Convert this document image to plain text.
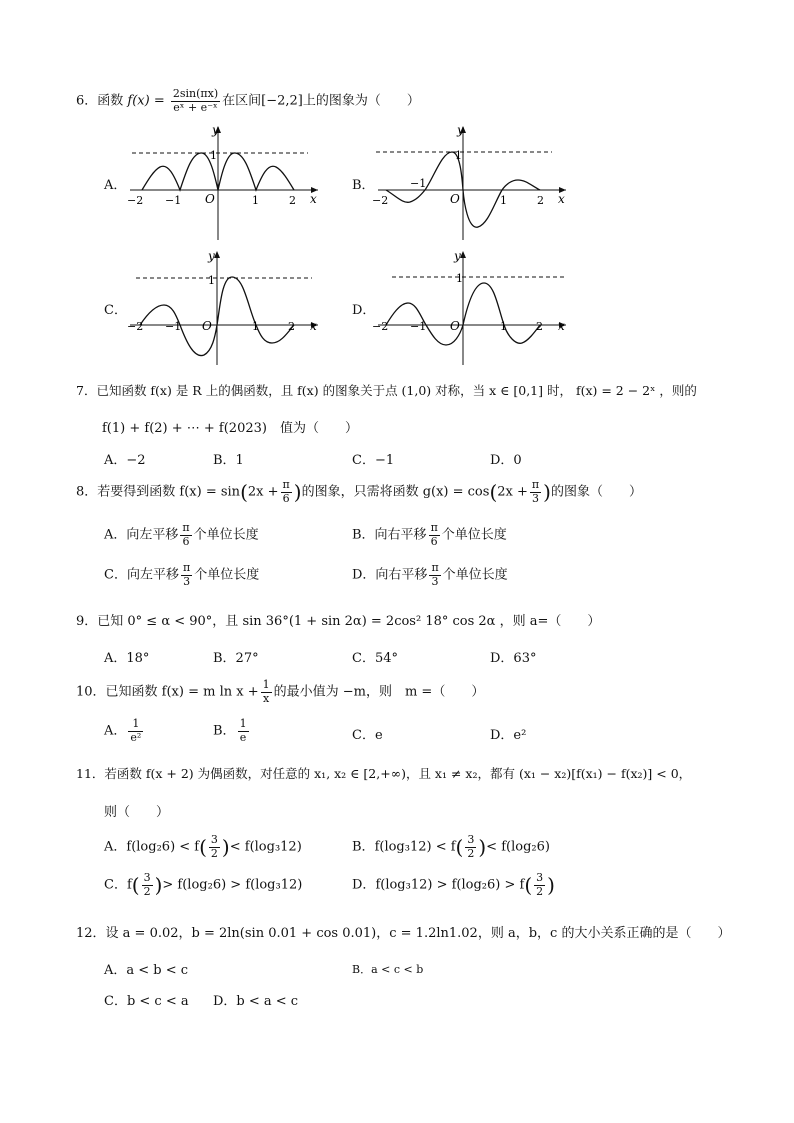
6．函数 $f(x) = \frac{2\sin(\pi x)}{\text{eˣ + e⁻ˣ}}$ 在区间[−2,2]上的图象为（　　）
A．	B．
C．	D．
y
x
O
1
−2 −1	1	2
y
x
O
1
−2
−1
1	2
y
x
O
1
−2 −1	1	2
y
x
O
1
−2 −1	1	2
7．已知函数 f(x) 是 R 上的偶函数，且 f(x) 的图象关于点 (1,0) 对称，当 x ∈ [0,1] 时， f(x) = 2 − 2ˣ ，则的
f(1) + f(2) + ⋯ + f(2023)　值为（　　）
A．−2	B．1	C．−1	D．0
8．若要得到函数 $f(x) = \sin(2x + \frac{\pi}{6}$ )的图象，只需将函数 $g(x) = \cos(2x + \frac{\pi}{3}$ )的图象（　　）
A．向左平移 $\frac{\pi}{6}$ 个单位长度	B．向右平移 $\frac{\pi}{6}$ 个单位长度
C．向左平移 $\frac{\pi}{3}$ 个单位长度	D．向右平移 $\frac{\pi}{3}$ 个单位长度
9．已知 0° ≤ α < 90°，且 sin 36°(1 + sin 2α) = 2cos² 18° cos 2α ，则 a=（　　）
A．18°	B．27°	C．54°	D．63°
10．已知函数 f(x) = m $\ln x + \frac{1}{x}$ 的最小值为 −m，则　m =（　　）
A． $\frac{1}{\text{e²}}$	B． $\frac{1}{e}$	C．e	D．e²
11．若函数 f(x + 2) 为偶函数，对任意的 x₁, x₂ ∈ [2,+∞)，且 x₁ ≠ x₂，都有 (x₁ − x₂)[f(x₁) − f(x₂)] < 0，
则（　　）
A．$f(\log_26) < f( \frac{3}{2}$ )< f(log₃12)	B．$f(\log_312) < f( \frac{3}{2}$ )< f(log₂6)
C．$f( \frac{3}{2}$ )> f(log₂6) > f(log₃12)	D．$f(\log_312) > f(\log_26) > f( \frac{3}{2}$ )
12．设 a = 0.02，b = 2ln(sin 0.01 + cos 0.01)，c = 1.2ln1.02，则 a，b，c 的大小关系正确的是（　　）
A．a < b < c	B．a < c < b
C．b < c < a D．b < a < c
